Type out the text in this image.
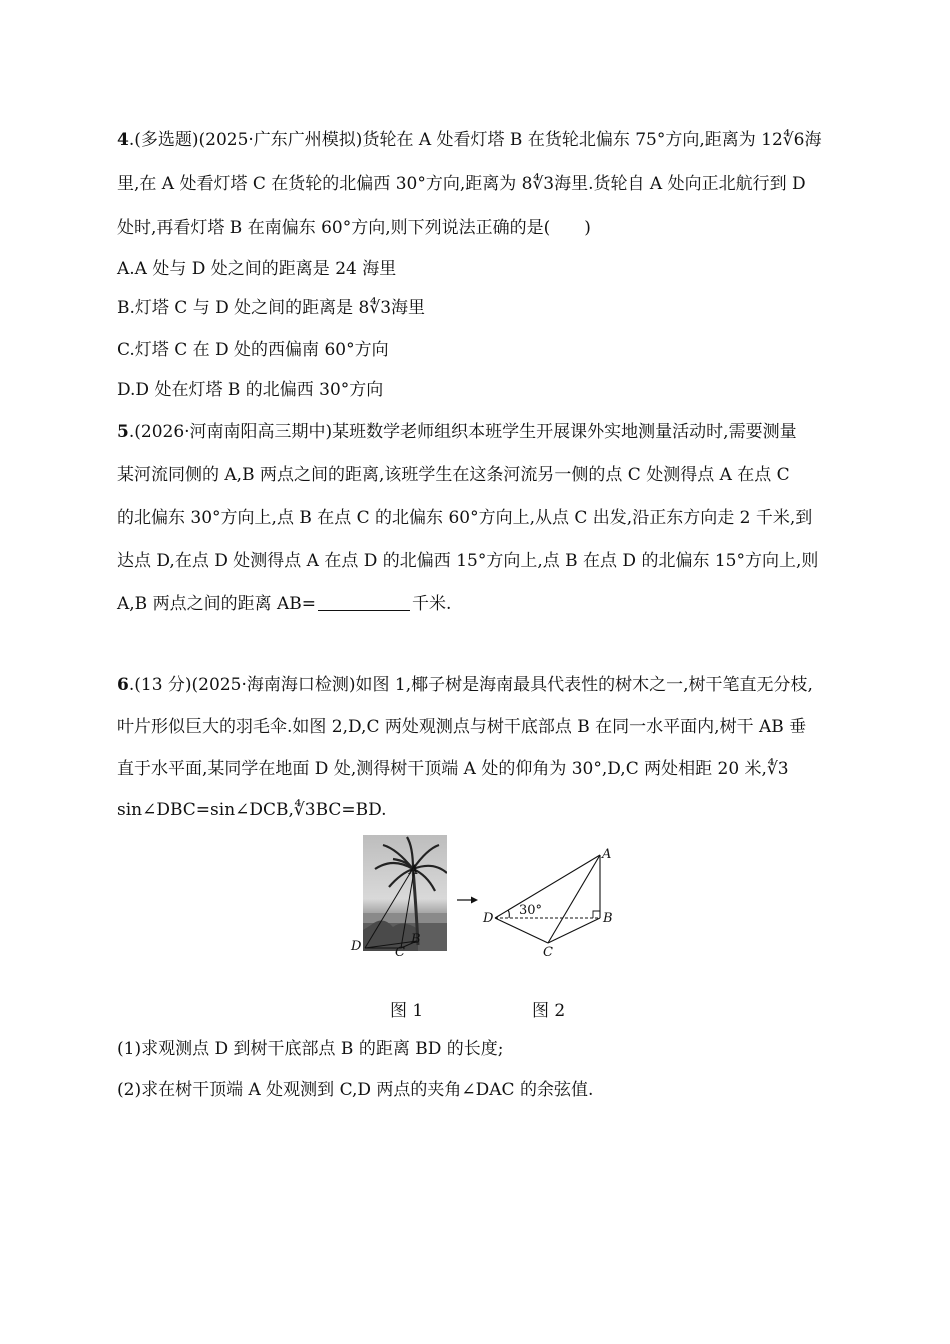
4.(多选题)(2025·广东广州模拟)货轮在 A 处看灯塔 B 在货轮北偏东 75°方向,距离为 12∜6海
里,在 A 处看灯塔 C 在货轮的北偏西 30°方向,距离为 8∜3海里.货轮自 A 处向正北航行到 D
处时,再看灯塔 B 在南偏东 60°方向,则下列说法正确的是(　　)
A.A 处与 D 处之间的距离是 24 海里
B.灯塔 C 与 D 处之间的距离是 8∜3海里
C.灯塔 C 在 D 处的西偏南 60°方向
D.D 处在灯塔 B 的北偏西 30°方向
5.(2026·河南南阳高三期中)某班数学老师组织本班学生开展课外实地测量活动时,需要测量
某河流同侧的 A,B 两点之间的距离,该班学生在这条河流另一侧的点 C 处测得点 A 在点 C
的北偏东 30°方向上,点 B 在点 C 的北偏东 60°方向上,从点 C 出发,沿正东方向走 2 千米,到
达点 D,在点 D 处测得点 A 在点 D 的北偏西 15°方向上,点 B 在点 D 的北偏东 15°方向上,则
A,B 两点之间的距离 AB=	千米.
6.(13 分)(2025·海南海口检测)如图 1,椰子树是海南最具代表性的树木之一,树干笔直无分枝,
叶片形似巨大的羽毛伞.如图 2,D,C 两处观测点与树干底部点 B 在同一水平面内,树干 AB 垂
直于水平面,某同学在地面 D 处,测得树干顶端 A 处的仰角为 30°,D,C 两处相距 20 米,∜3
sin∠DBC=sin∠DCB,∜3BC=BD.
A
D	B
C
30°
A
B
D
C
图 1	图 2
(1)求观测点 D 到树干底部点 B 的距离 BD 的长度;
(2)求在树干顶端 A 处观测到 C,D 两点的夹角∠DAC 的余弦值.
